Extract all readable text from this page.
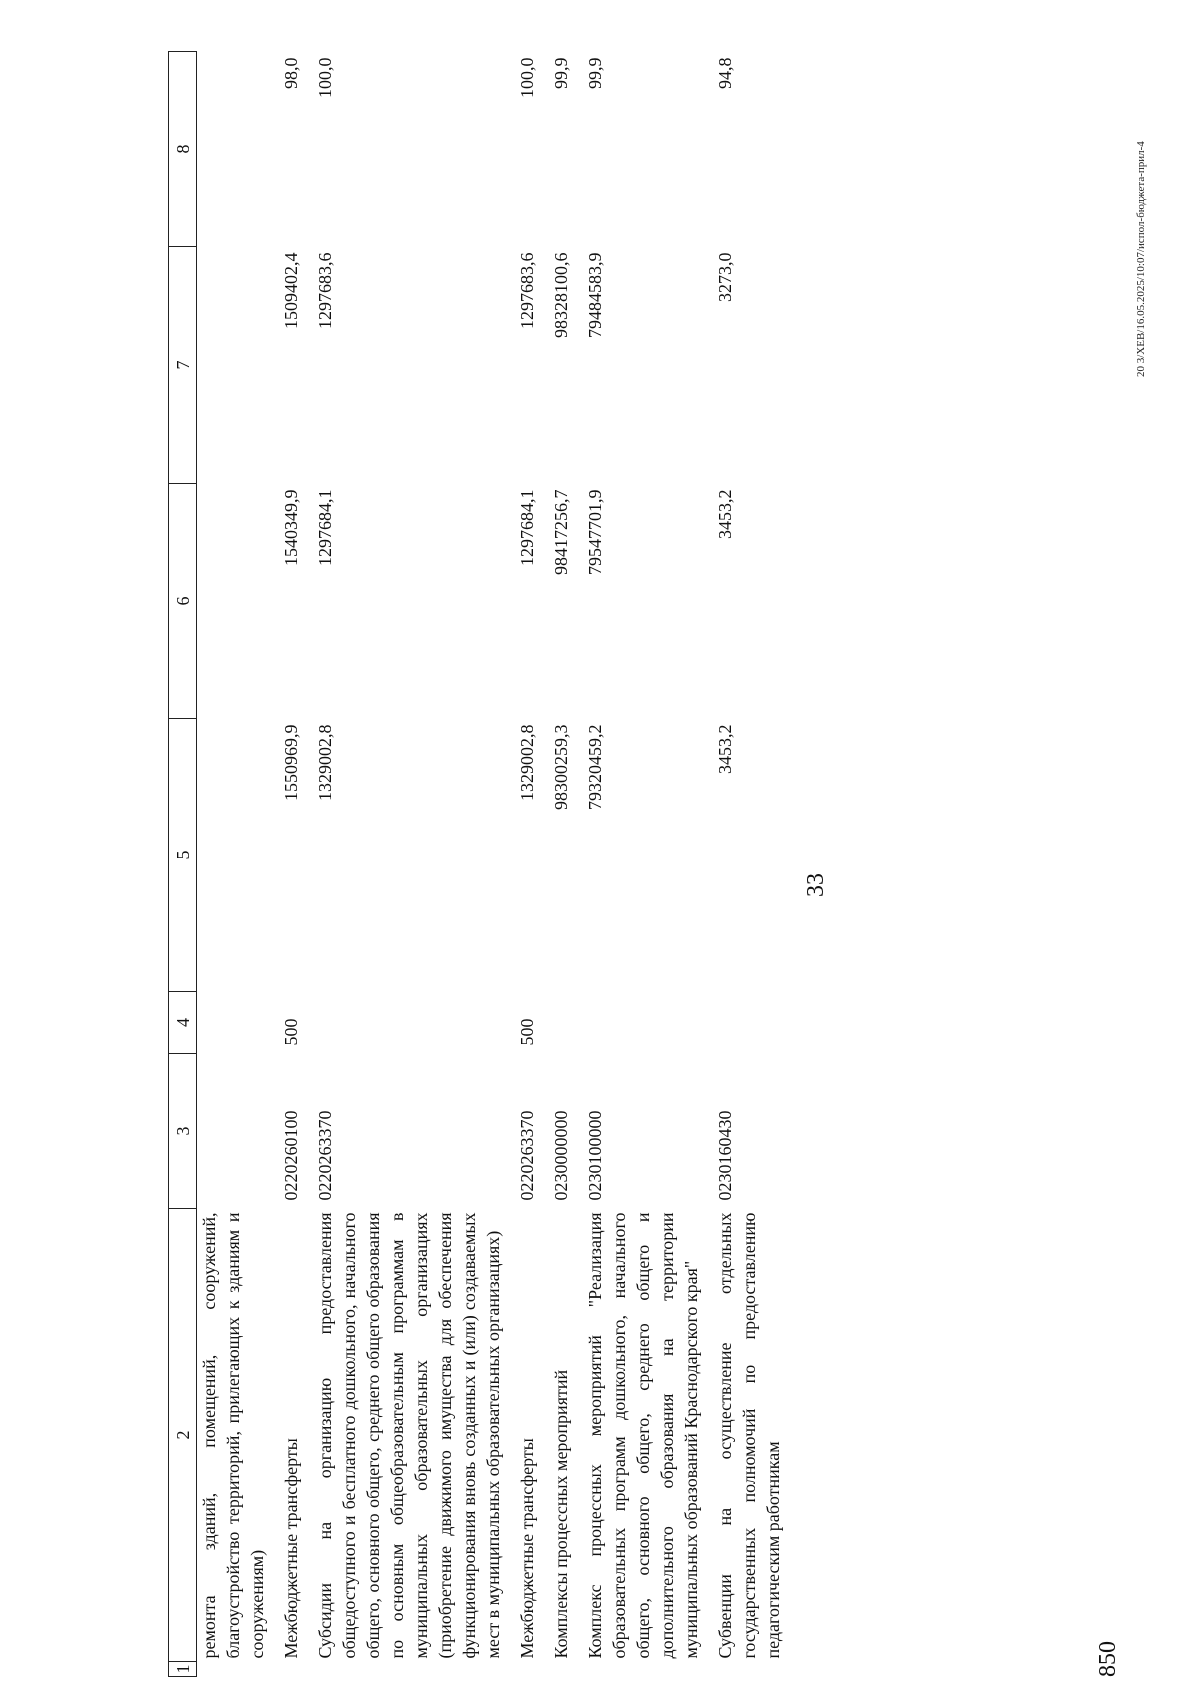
33
1	2	3	4	5	6	7	8
	ремонта зданий, помещений, сооружений, благоустройство территорий, прилегающих к зданиям и сооружениям)						
	Межбюджетные трансферты	0220260100	500	1550969,9	1540349,9	1509402,4	98,0
	Субсидии на организацию предоставления общедоступного и бесплатного дошкольного, начального общего, основного общего, среднего общего образования по основным общеобразовательным программам в муниципальных образовательных организациях (приобретение движимого имущества для обеспечения функционирования вновь созданных и (или) создаваемых мест в муниципальных образовательных организациях)	0220263370		1329002,8	1297684,1	1297683,6	100,0
	Межбюджетные трансферты	0220263370	500	1329002,8	1297684,1	1297683,6	100,0
	Комплексы процессных мероприятий	0230000000		98300259,3	98417256,7	98328100,6	99,9
	Комплекс процессных мероприятий "Реализация образовательных программ дошкольного, начального общего, основного общего, среднего общего и дополнительного образования на территории муниципальных образований Краснодарского края"	0230100000		79320459,2	79547701,9	79484583,9	99,9
	Субвенции на осуществление отдельных государственных полномочий по предоставлению педагогическим работникам	0230160430		3453,2	3453,2	3273,0	94,8
20 3/ХЕВ/16.05.2025/10:07/испол-бюджета-прил-4
850
